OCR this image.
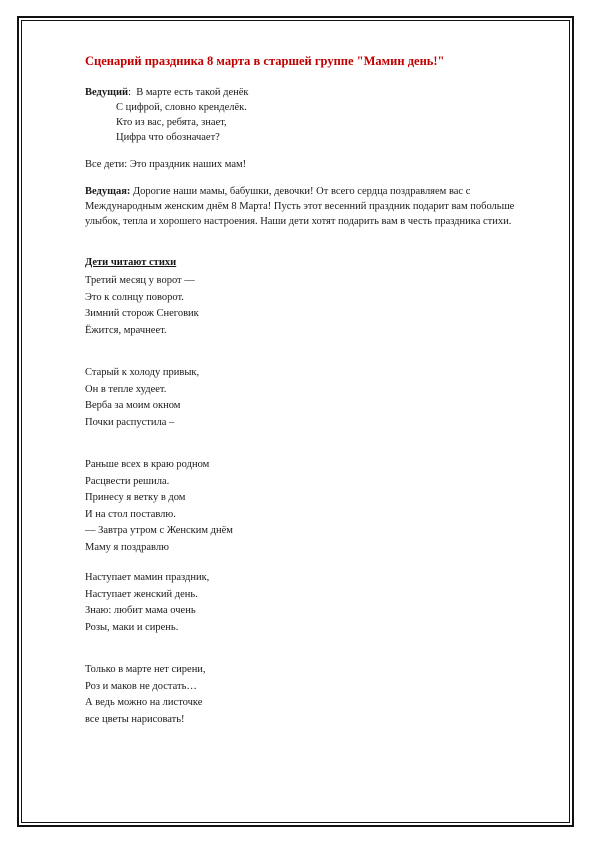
Сценарий праздника 8 марта в старшей группе "Мамин день!"
Ведущий :
В марте есть такой денёк
С цифрой, словно кренделёк.
Кто из вас, ребята, знает,
Цифра что обозначает?
Все дети: Это праздник наших мам!
Ведущая: Дорогие наши мамы, бабушки, девочки! От всего сердца поздравляем вас с Международным женским днём 8 Марта! Пусть этот весенний праздник подарит вам побольше улыбок, тепла и хорошего настроения. Наши дети хотят подарить вам в честь праздника стихи.
Дети читают стихи
Третий месяц у ворот —
Это к солнцу поворот.
Зимний сторож Снеговик
Ёжится, мрачнеет.
Старый к холоду привык,
Он в тепле худеет.
Верба за моим окном
Почки распустила –
Раньше всех в краю родном
Расцвести решила.
Принесу я ветку в дом
И на стол поставлю.
— Завтра утром с Женским днём
Маму я поздравлю
Наступает мамин праздник,
Наступает женский день.
Знаю: любит мама очень
Розы, маки и сирень.
Только в марте нет сирени,
Роз и маков не достать…
А ведь можно на листочке
все цветы нарисовать!
